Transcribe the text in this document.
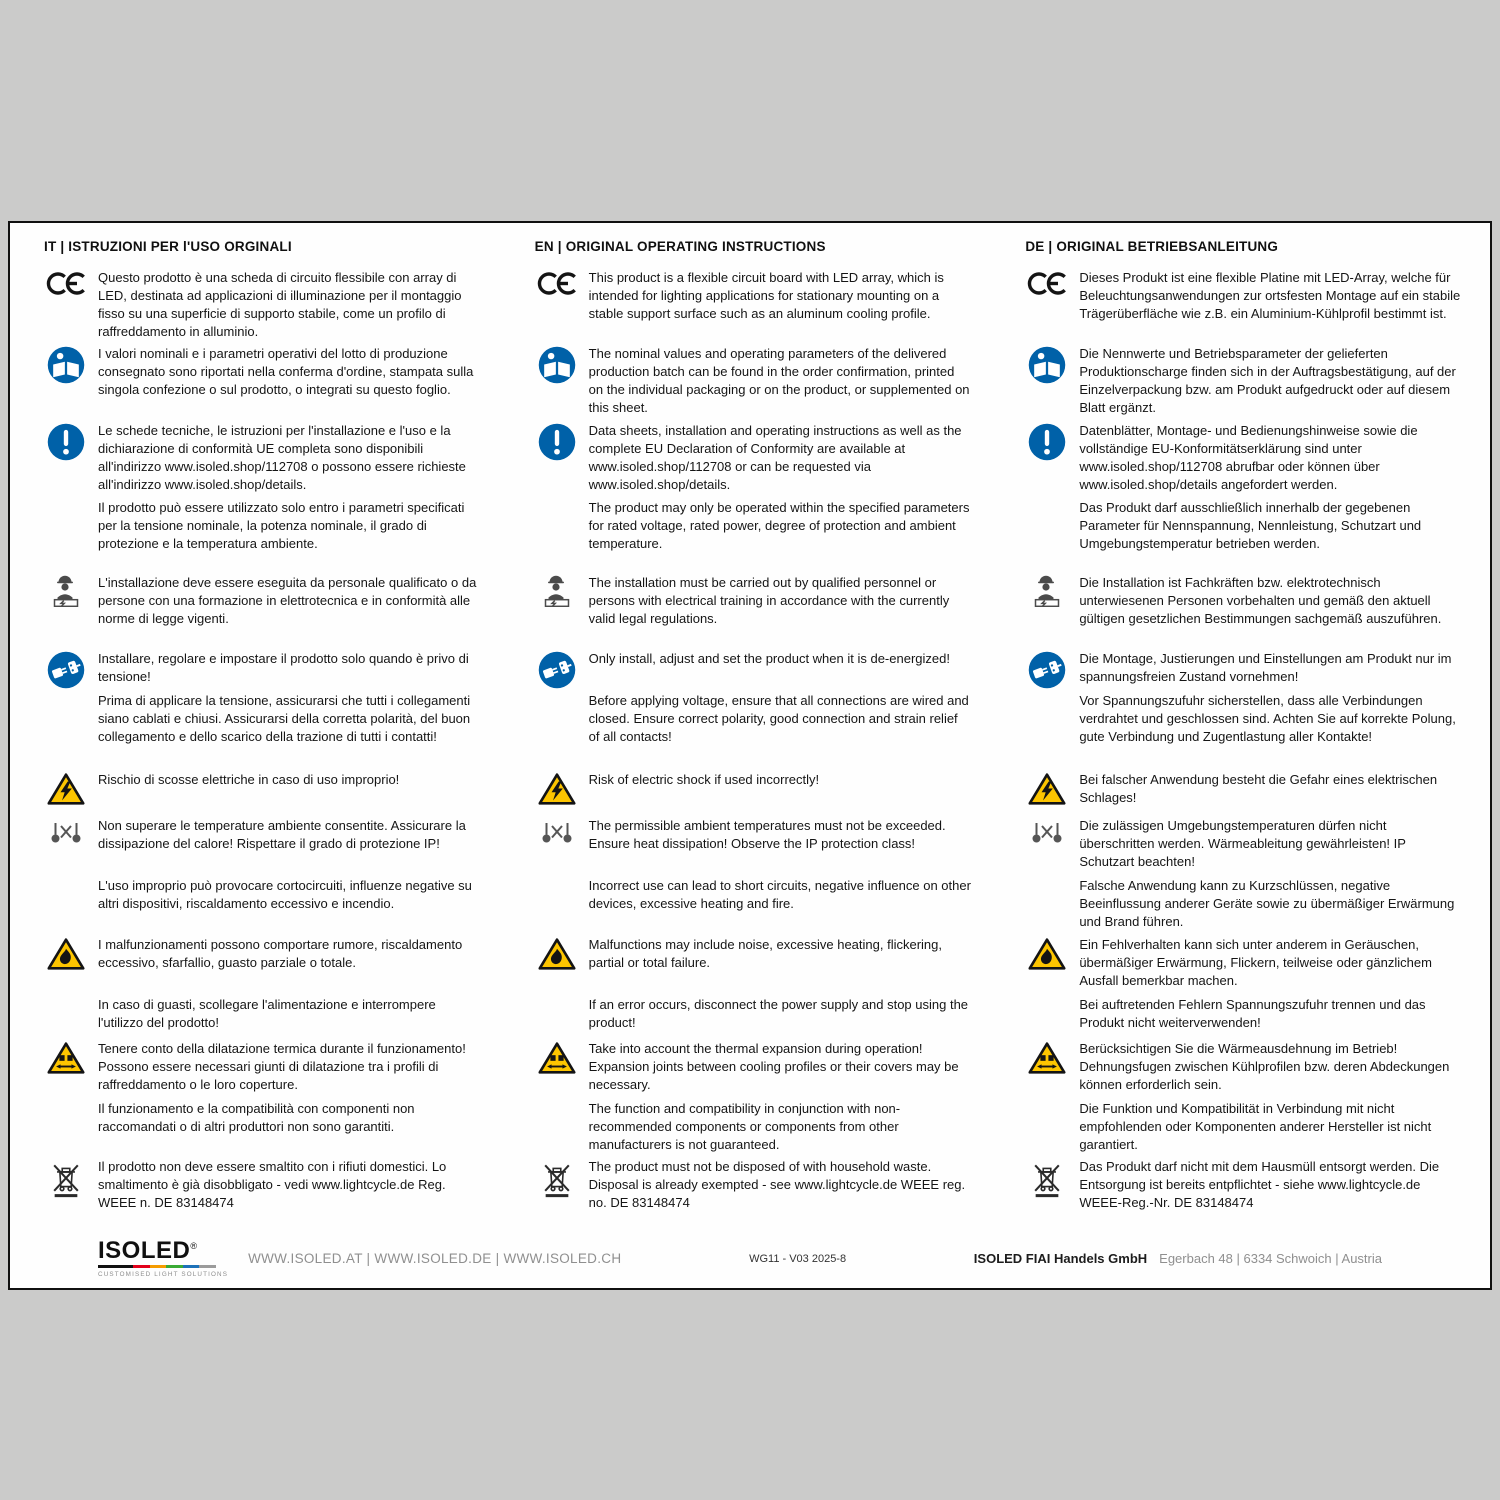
IT | ISTRUZIONI PER l'USO ORGINALI
Questo prodotto è una scheda di circuito flessibile con array di LED, destinata ad applicazioni di illuminazione per il montaggio fisso su una superficie di supporto stabile, come un profilo di raffreddamento in alluminio.
I valori nominali e i parametri operativi del lotto di produzione consegnato sono riportati nella conferma d'ordine, stampata sulla singola confezione o sul prodotto, o integrati su questo foglio.
Le schede tecniche, le istruzioni per l'installazione e l'uso e la dichiarazione di conformità UE completa sono disponibili all'indirizzo www.isoled.shop/112708 o possono essere richieste all'indirizzo www.isoled.shop/details.
Il prodotto può essere utilizzato solo entro i parametri specificati per la tensione nominale, la potenza nominale, il grado di protezione e la temperatura ambiente.
L'installazione deve essere eseguita da personale qualificato o da persone con una formazione in elettrotecnica e in conformità alle norme di legge vigenti.
Installare, regolare e impostare il prodotto solo quando è privo di tensione!
Prima di applicare la tensione, assicurarsi che tutti i collegamenti siano cablati e chiusi. Assicurarsi della corretta polarità, del buon collegamento e dello scarico della trazione di tutti i contatti!
Rischio di scosse elettriche in caso di uso improprio!
Non superare le temperature ambiente consentite. Assicurare la dissipazione del calore! Rispettare il grado di protezione IP!
L'uso improprio può provocare cortocircuiti, influenze negative su altri dispositivi, riscaldamento eccessivo e incendio.
I malfunzionamenti possono comportare rumore, riscaldamento eccessivo, sfarfallio, guasto parziale o totale.
In caso di guasti, scollegare l'alimentazione e interrompere l'utilizzo del prodotto!
Tenere conto della dilatazione termica durante il funzionamento! Possono essere necessari giunti di dilatazione tra i profili di raffreddamento o le loro coperture.
Il funzionamento e la compatibilità con componenti non raccomandati o di altri produttori non sono garantiti.
Il prodotto non deve essere smaltito con i rifiuti domestici. Lo smaltimento è già disobbligato - vedi www.lightcycle.de Reg. WEEE n. DE 83148474
EN | ORIGINAL OPERATING INSTRUCTIONS
This product is a flexible circuit board with LED array, which is intended for lighting applications for stationary mounting on a stable support surface such as an aluminum cooling profile.
The nominal values and operating parameters of the delivered production batch can be found in the order confirmation, printed on the individual packaging or on the product, or supplemented on this sheet.
Data sheets, installation and operating instructions as well as the complete EU Declaration of Conformity are available at www.isoled.shop/112708 or can be requested via www.isoled.shop/details.
The product may only be operated within the specified parameters for rated voltage, rated power, degree of protection and ambient temperature.
The installation must be carried out by qualified personnel or persons with electrical training in accordance with the currently valid legal regulations.
Only install, adjust and set the product when it is de-energized!
Before applying voltage, ensure that all connections are wired and closed. Ensure correct polarity, good connection and strain relief of all contacts!
Risk of electric shock if used incorrectly!
The permissible ambient temperatures must not be exceeded. Ensure heat dissipation! Observe the IP protection class!
Incorrect use can lead to short circuits, negative influence on other devices, excessive heating and fire.
Malfunctions may include noise, excessive heating, flickering, partial or total failure.
If an error occurs, disconnect the power supply and stop using the product!
Take into account the thermal expansion during operation! Expansion joints between cooling profiles or their covers may be necessary.
The function and compatibility in conjunction with non-recommended components or components from other manufacturers is not guaranteed.
The product must not be disposed of with household waste. Disposal is already exempted - see www.lightcycle.de WEEE reg. no. DE 83148474
DE | ORIGINAL BETRIEBSANLEITUNG
Dieses Produkt ist eine flexible Platine mit LED-Array, welche für Beleuchtungsanwendungen zur ortsfesten Montage auf ein stabile Trägerüberfläche wie z.B. ein Aluminium-Kühlprofil bestimmt ist.
Die Nennwerte und Betriebsparameter der gelieferten Produktionscharge finden sich in der Auftragsbestätigung, auf der Einzelverpackung bzw. am Produkt aufgedruckt oder auf diesem Blatt ergänzt.
Datenblätter, Montage- und Bedienungshinweise sowie die vollständige EU-Konformitätserklärung sind unter www.isoled.shop/112708 abrufbar oder können über www.isoled.shop/details angefordert werden.
Das Produkt darf ausschließlich innerhalb der gegebenen Parameter für Nennspannung, Nennleistung, Schutzart und Umgebungstemperatur betrieben werden.
Die Installation ist Fachkräften bzw. elektrotechnisch unterwiesenen Personen vorbehalten und gemäß den aktuell gültigen gesetzlichen Bestimmungen sachgemäß auszuführen.
Die Montage, Justierungen und Einstellungen am Produkt nur im spannungsfreien Zustand vornehmen!
Vor Spannungszufuhr sicherstellen, dass alle Verbindungen verdrahtet und geschlossen sind. Achten Sie auf korrekte Polung, gute Verbindung und Zugentlastung aller Kontakte!
Bei falscher Anwendung besteht die Gefahr eines elektrischen Schlages!
Die zulässigen Umgebungstemperaturen dürfen nicht überschritten werden. Wärmeableitung gewährleisten! IP Schutzart beachten!
Falsche Anwendung kann zu Kurzschlüssen, negative Beeinflussung anderer Geräte sowie zu übermäßiger Erwärmung und Brand führen.
Ein Fehlverhalten kann sich unter anderem in Geräuschen, übermäßiger Erwärmung, Flickern, teilweise oder gänzlichem Ausfall bemerkbar machen.
Bei auftretenden Fehlern Spannungszufuhr trennen und das Produkt nicht weiterverwenden!
Berücksichtigen Sie die Wärmeausdehnung im Betrieb! Dehnungsfugen zwischen Kühlprofilen bzw. deren Abdeckungen können erforderlich sein.
Die Funktion und Kompatibilität in Verbindung mit nicht empfohlenden oder Komponenten anderer Hersteller ist nicht garantiert.
Das Produkt darf nicht mit dem Hausmüll entsorgt werden. Die Entsorgung ist bereits entpflichtet - siehe www.lightcycle.de WEEE-Reg.-Nr. DE 83148474
ISOLED®
CUSTOMISED LIGHT SOLUTIONS
WWW.ISOLED.AT | WWW.ISOLED.DE | WWW.ISOLED.CH	WG11 - V03 2025-8	ISOLED FIAI Handels GmbH Egerbach 48 | 6334 Schwoich | Austria
